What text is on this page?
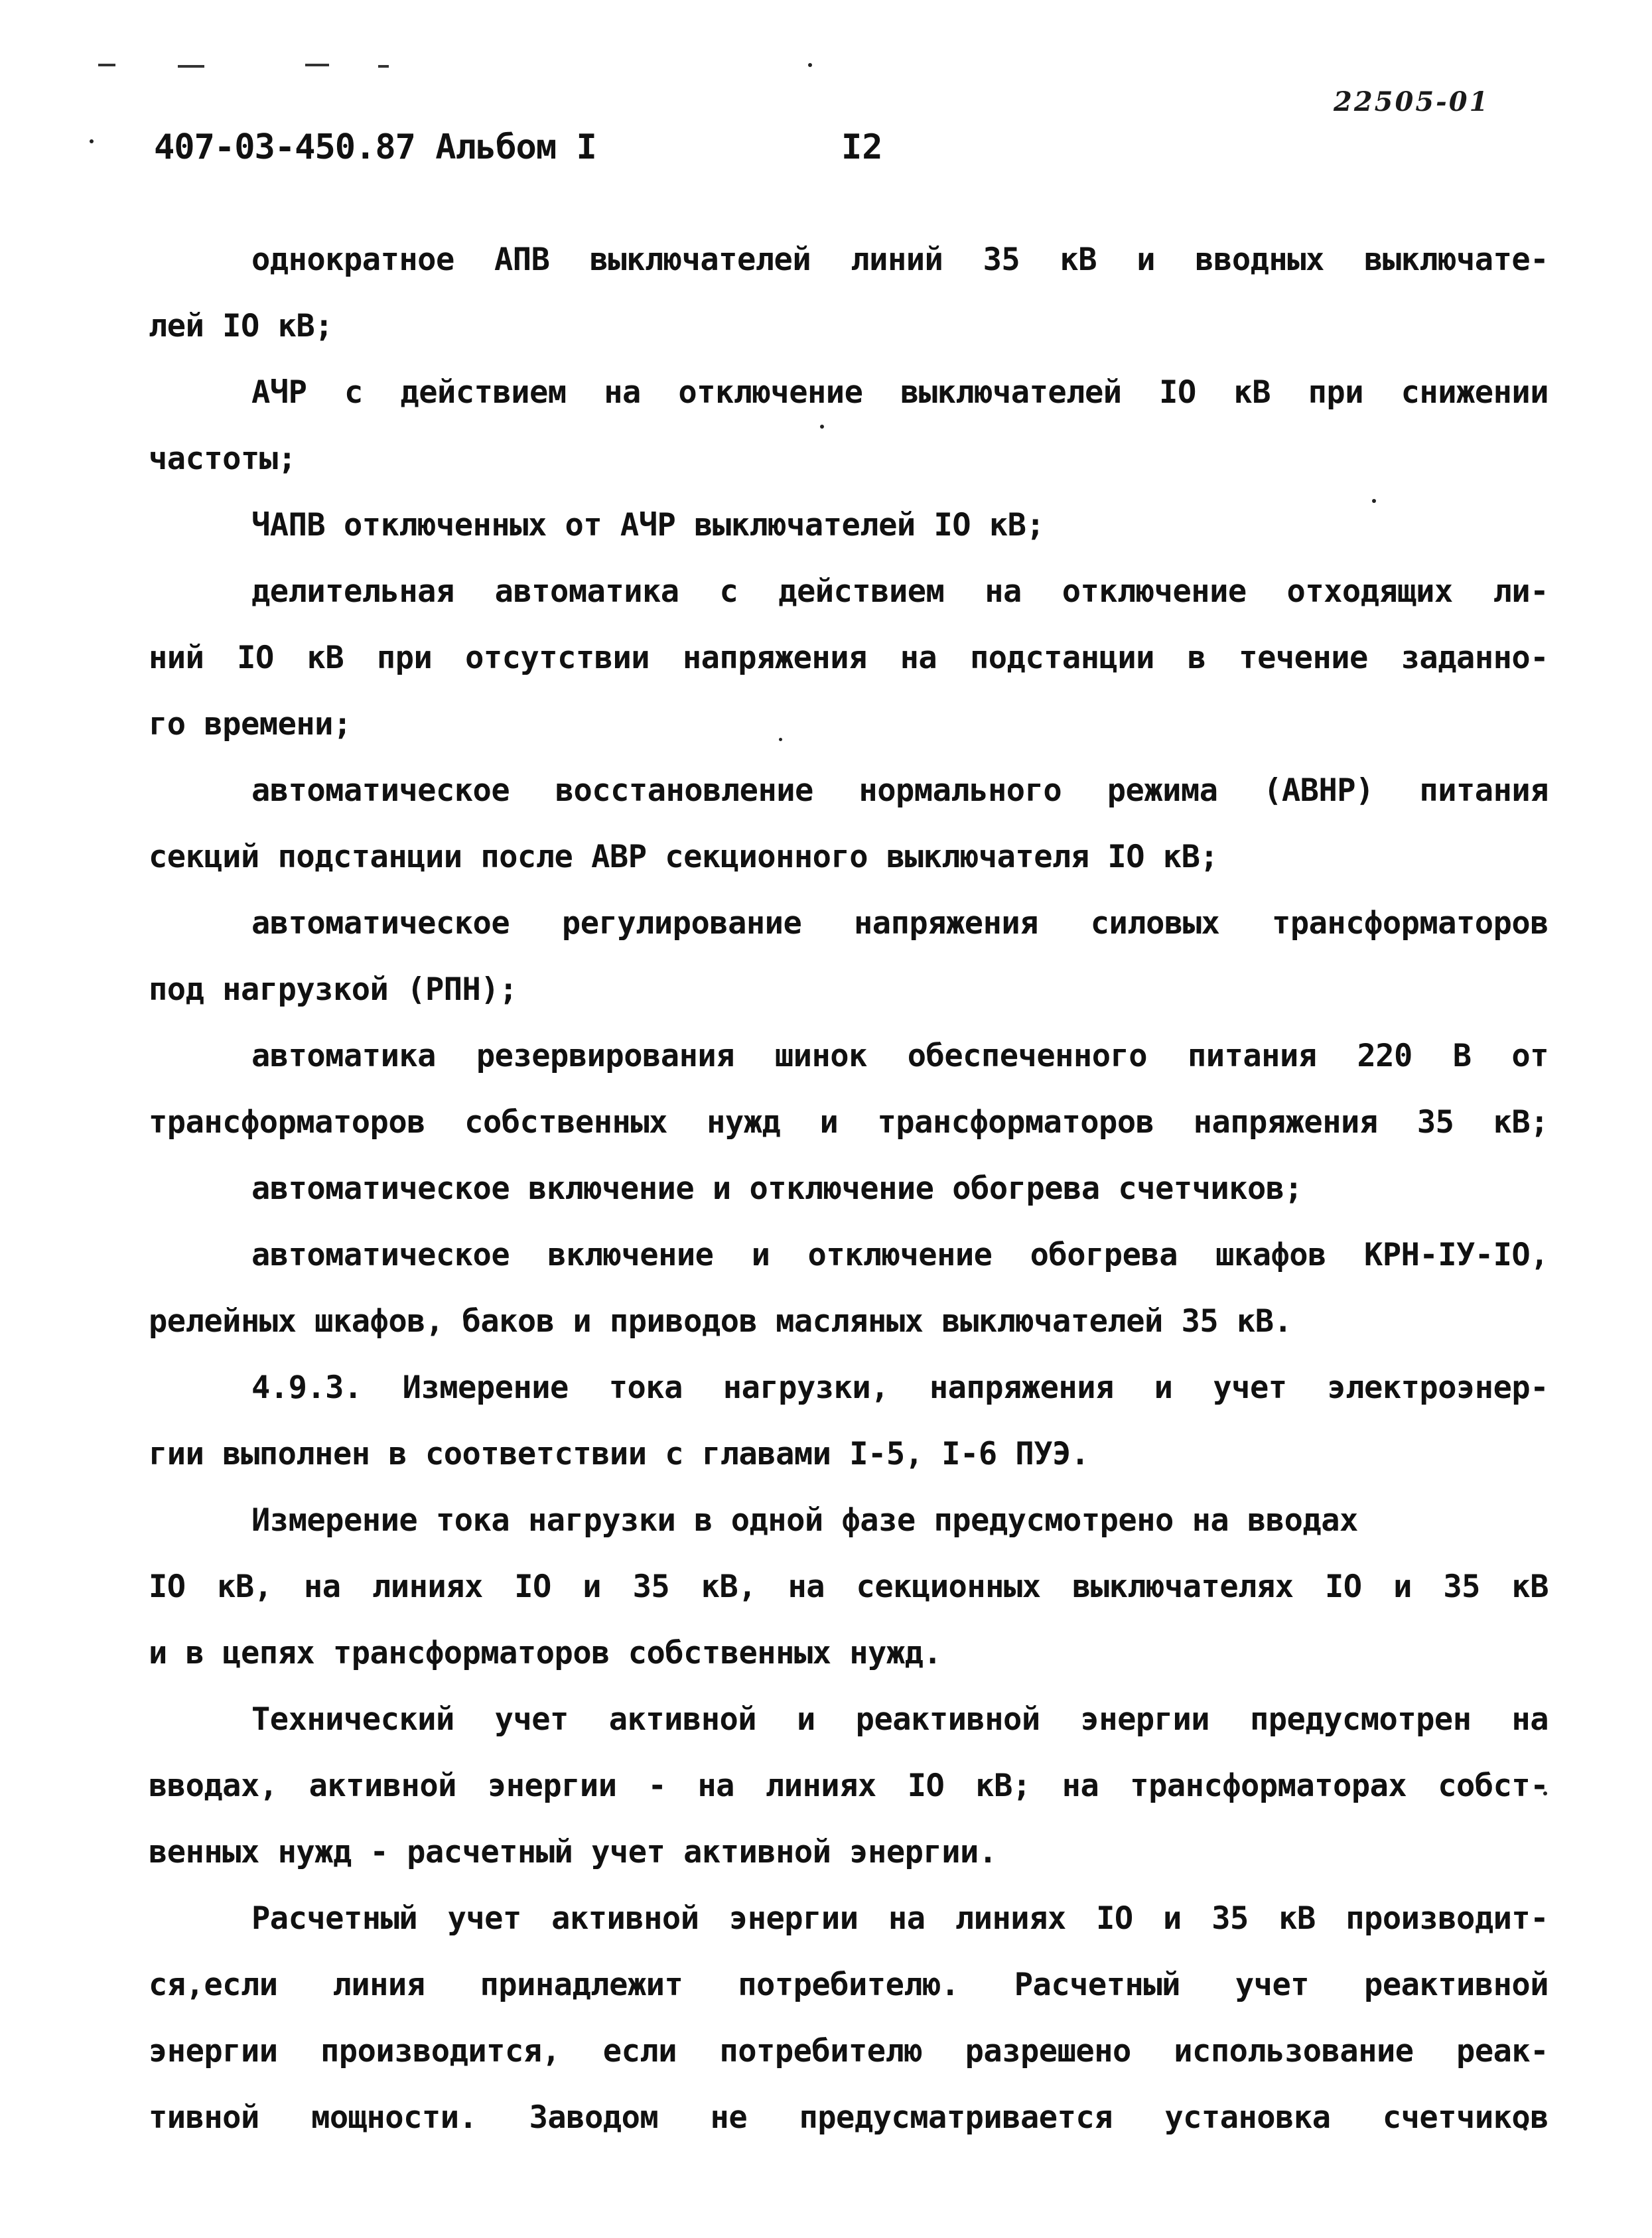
22505-01
407-03-450.87 Альбом I	I2
однократное АПВ выключателей линий 35 кВ и вводных выключате-
лей IO кВ;
АЧР с действием на отключение выключателей IO кВ при снижении
частоты;
ЧАПВ отключенных от АЧР выключателей IO кВ;
делительная автоматика с действием на отключение отходящих ли-
ний IO кВ при отсутствии напряжения на подстанции в течение заданно-
го времени;
автоматическое восстановление нормального режима (АВНР) питания
секций подстанции после АВР секционного выключателя IO кВ;
автоматическое регулирование напряжения силовых трансформаторов
под нагрузкой (РПН);
автоматика резервирования шинок обеспеченного питания 220 В от
трансформаторов собственных нужд и трансформаторов напряжения 35 кВ;
автоматическое включение и отключение обогрева счетчиков;
автоматическое включение и отключение обогрева шкафов КРН-IУ-IO,
релейных шкафов, баков и приводов масляных выключателей 35 кВ.
4.9.3. Измерение тока нагрузки, напряжения и учет электроэнер-
гии выполнен в соответствии с главами I-5, I-6 ПУЭ.
Измерение тока нагрузки в одной фазе предусмотрено на вводах
IO кВ, на линиях IO и 35 кВ, на секционных выключателях IO и 35 кВ
и в цепях трансформаторов собственных нужд.
Технический учет активной и реактивной энергии предусмотрен на
вводах, активной энергии - на линиях IO кВ; на трансформаторах собст-
венных нужд - расчетный учет активной энергии.
Расчетный учет активной энергии на линиях IO и 35 кВ производит-
ся,если линия принадлежит потребителю. Расчетный учет реактивной
энергии производится, если потребителю разрешено использование реак-
тивной мощности. Заводом не предусматривается установка счетчиков
